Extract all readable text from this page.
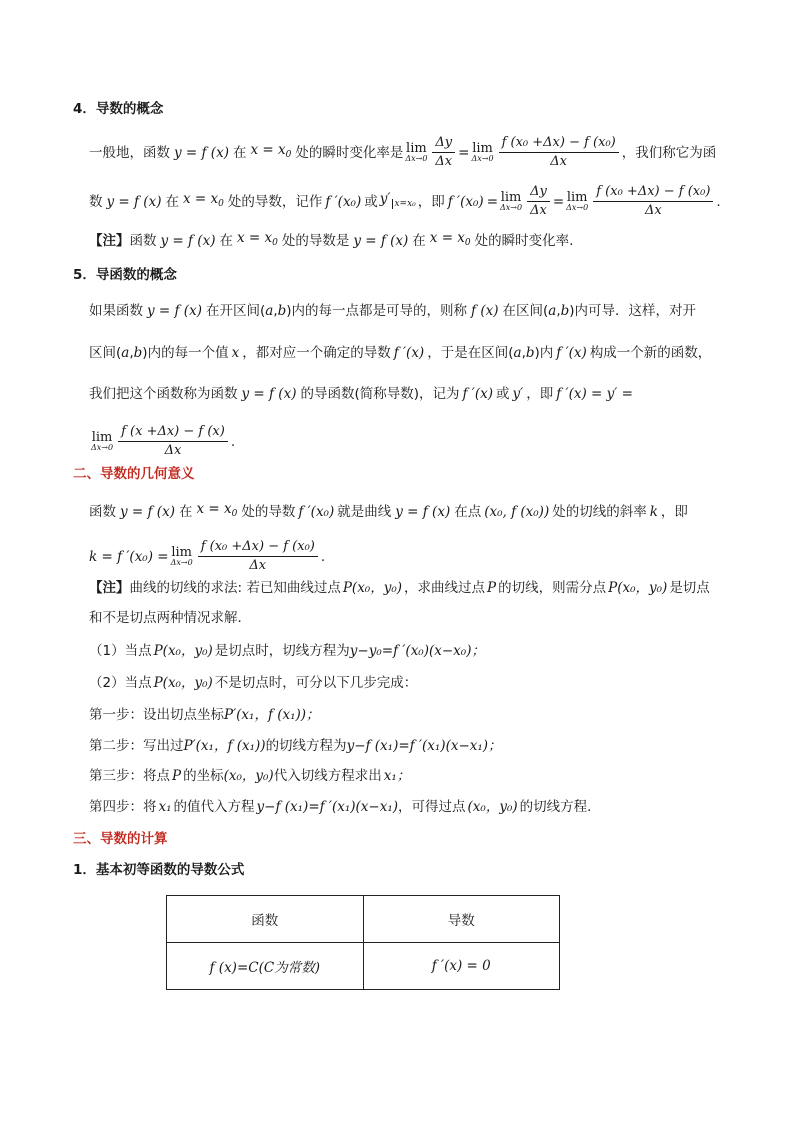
4．导数的概念
一般地，函数 y = f (x) 在 $x = x_0$ 处的瞬时变化率是 lim
$\Delta x\to 0 \frac{\Delta y}{\Delta x} = \lim$
$\Delta x\to 0 \frac{\text{f (x₀ +Δx) − f (x₀)}}{\Delta x}$ ，我们称它为函
数 y = f (x) 在 $x = x_0$ 处的导数，记作 f ′(x₀) 或 y′ $_{x=x_0}$ ，即 f ′(x₀) = lim
$\Delta x\to 0 \frac{\Delta y}{\Delta x} = \lim$
$\Delta x\to 0 \frac{\text{f (x₀ +Δx) − f (x₀)}}{\Delta x}$ .
【注】 函数 y = f (x) 在 $x = x_0$ 处的导数是 y = f (x) 在 $x = x_0$ 处的瞬时变化率.
5．导函数的概念
如果函数 y = f (x) 在开区间( a , b )内的每一点都是可导的，则称 f (x) 在区间( a , b )内可导．这样，对开
区间( a , b )内的每一个值 x ，都对应一个确定的导数 f ′(x) ，于是在区间( a , b )内 f ′(x) 构成一个新的函数，
我们把这个函数称为函数 y = f (x) 的导函数(简称导数)，记为 f ′(x) 或 y′ ，即 f ′(x) = y′ =
lim
$\Delta x\to 0 \frac{f (x +\Delta x) - f (x)}{\Delta x}$ .
二、导数的几何意义
函数 y = f (x) 在 $x = x_0$ 处的导数 f ′(x₀) 就是曲线 y = f (x) 在点 (x₀, f (x₀)) 处的切线的斜率 k ，即
k = f ′(x₀) = lim
$\Delta x\to 0 \frac{\text{f (x₀ +Δx) − f (x₀)}}{\Delta x}$ .
【注】 曲线的切线的求法: 若已知曲线过点 P(x₀，y₀) ，求曲线过点 P 的切线，则需分点 P(x₀，y₀) 是切点
和不是切点两种情况求解．
（1）当点 P(x₀，y₀) 是切点时，切线方程为 y−y₀=f ′(x₀)(x−x₀)；
（2）当点 P(x₀，y₀) 不是切点时，可分以下几步完成：
第一步：设出切点坐标 P′(x₁，f (x₁))；
第二步：写出过 P′(x₁，f (x₁)) 的切线方程为 y−f (x₁)=f ′(x₁)(x−x₁)；
第三步：将点 P 的坐标 (x₀，y₀) 代入切线方程求出 x₁；
第四步：将 x₁ 的值代入方程 y−f (x₁)=f ′(x₁)(x−x₁) ，可得过点 (x₀，y₀) 的切线方程．
三、导数的计算
1．基本初等函数的导数公式
函数	导数
f (x)=C(C为常数)	f ′(x) = 0
